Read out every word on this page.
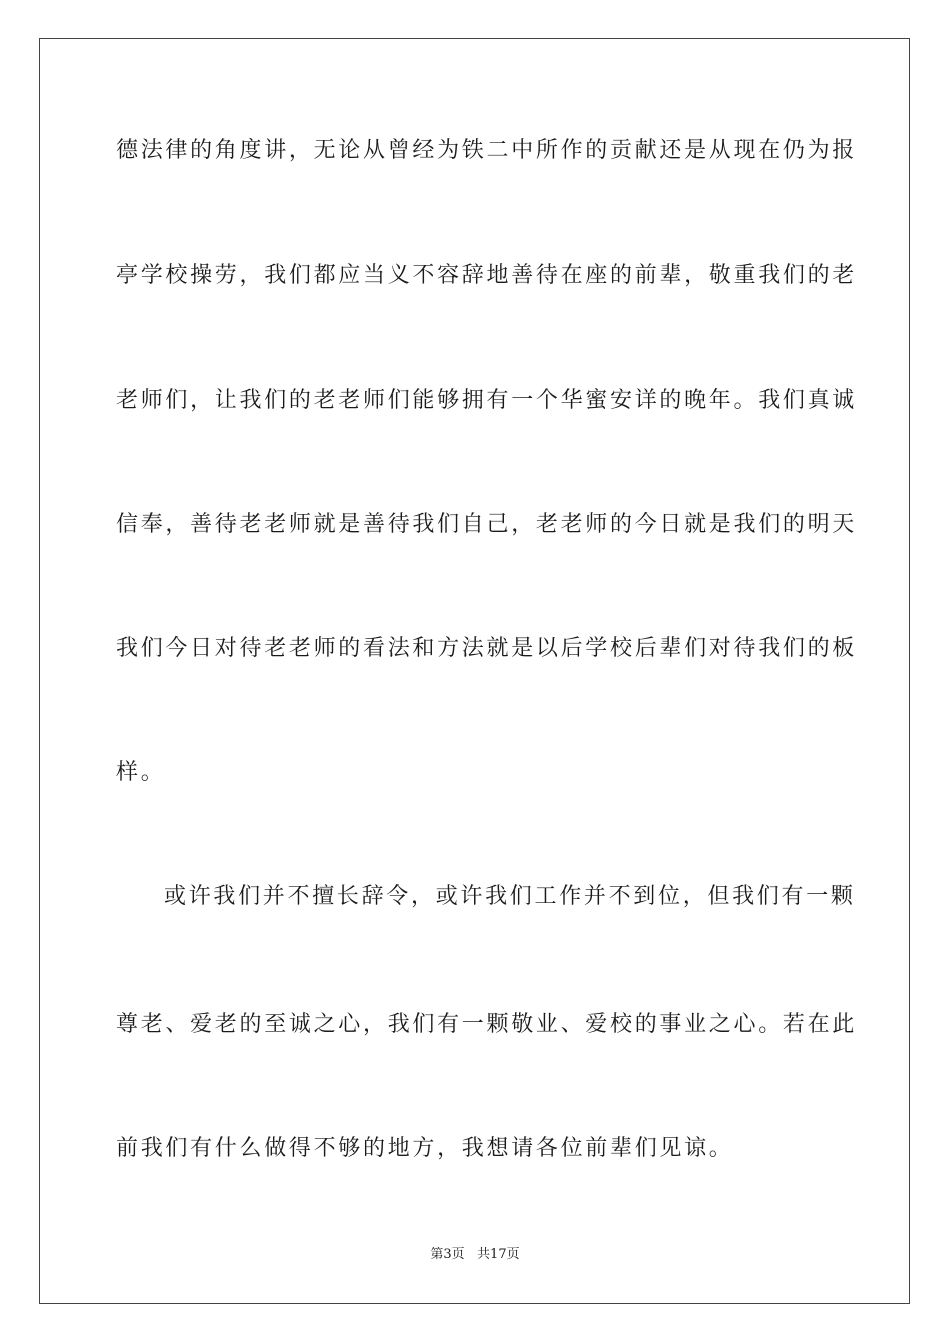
德法律的角度讲，无论从曾经为铁二中所作的贡献还是从现在仍为报
亭学校操劳，我们都应当义不容辞地善待在座的前辈，敬重我们的老
老师们，让我们的老老师们能够拥有一个华蜜安详的晚年。我们真诚
信奉，善待老老师就是善待我们自己，老老师的今日就是我们的明天
我们今日对待老老师的看法和方法就是以后学校后辈们对待我们的板
样。
或许我们并不擅长辞令，或许我们工作并不到位，但我们有一颗
尊老、爱老的至诚之心，我们有一颗敬业、爱校的事业之心。若在此
前我们有什么做得不够的地方，我想请各位前辈们见谅。
第3页   共17页
